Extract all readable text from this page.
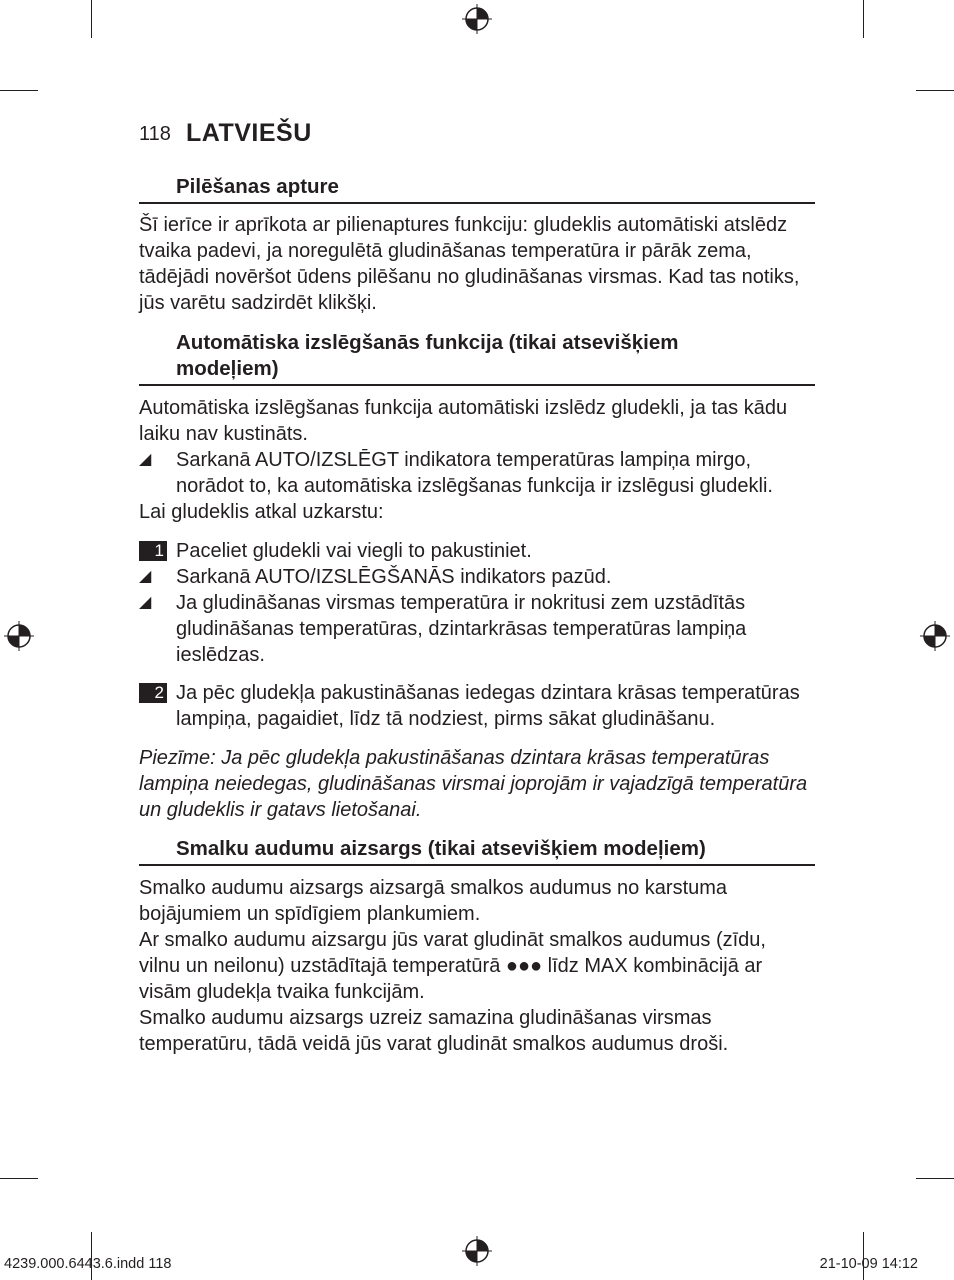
118 LATVIEŠU
Pilēšanas apture
Šī ierīce ir aprīkota ar pilienaptures funkciju: gludeklis automātiski atslēdz
tvaika padevi, ja noregulētā gludināšanas temperatūra ir pārāk zema,
tādējādi novēršot ūdens pilēšanu no gludināšanas virsmas. Kad tas notiks,
jūs varētu sadzirdēt klikšķi.
Automātiska izslēgšanās funkcija (tikai atsevišķiem
modeļiem)
Automātiska izslēgšanas funkcija automātiski izslēdz gludekli, ja tas kādu
laiku nav kustināts.
◢ Sarkanā AUTO/IZSLĒGT indikatora temperatūras lampiņa mirgo,
norādot to, ka automātiska izslēgšanas funkcija ir izslēgusi gludekli.
Lai gludeklis atkal uzkarstu:
1 Paceliet gludekli vai viegli to pakustiniet.
◢ Sarkanā AUTO/IZSLĒGŠANĀS indikators pazūd.
◢ Ja gludināšanas virsmas temperatūra ir nokritusi zem uzstādītās
gludināšanas temperatūras, dzintarkrāsas temperatūras lampiņa
ieslēdzas.
2 Ja pēc gludekļa pakustināšanas iedegas dzintara krāsas temperatūras
lampiņa, pagaidiet, līdz tā nodziest, pirms sākat gludināšanu.
Piezīme: Ja pēc gludekļa pakustināšanas dzintara krāsas temperatūras
lampiņa neiedegas, gludināšanas virsmai joprojām ir vajadzīgā temperatūra
un gludeklis ir gatavs lietošanai.
Smalku audumu aizsargs (tikai atsevišķiem modeļiem)
Smalko audumu aizsargs aizsargā smalkos audumus no karstuma
bojājumiem un spīdīgiem plankumiem.
Ar smalko audumu aizsargu jūs varat gludināt smalkos audumus (zīdu,
vilnu un neilonu) uzstādītajā temperatūrā ●●● līdz MAX kombinācijā ar
visām gludekļa tvaika funkcijām.
Smalko audumu aizsargs uzreiz samazina gludināšanas virsmas
temperatūru, tādā veidā jūs varat gludināt smalkos audumus droši.
4239.000.6443.6.indd 118	21-10-09 14:12
